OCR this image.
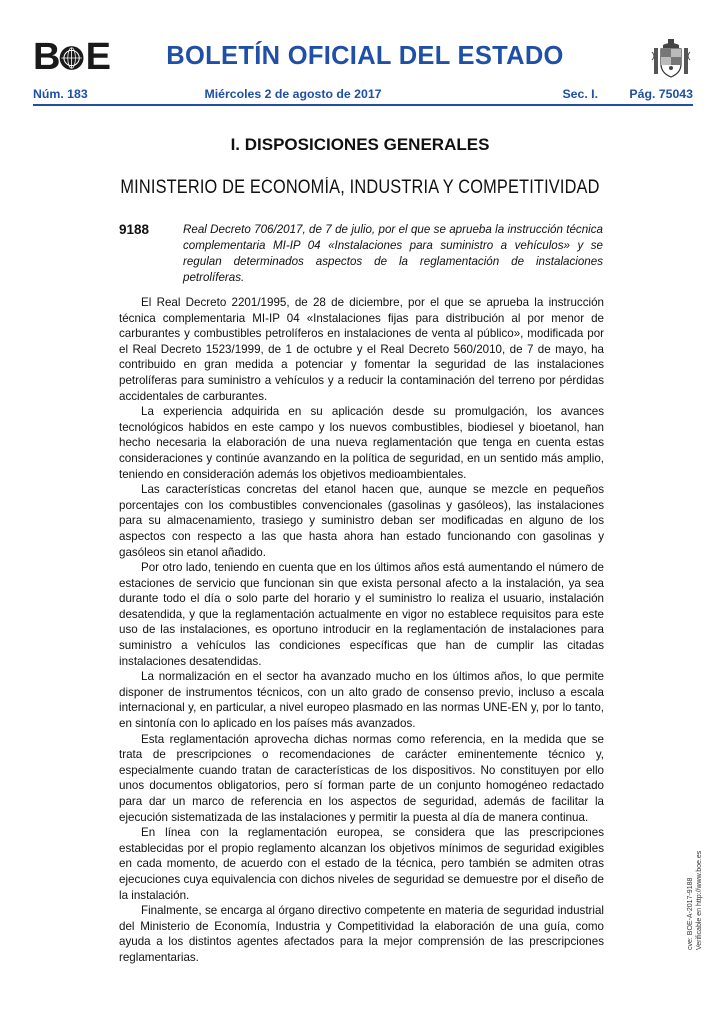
B E	BOLETÍN OFICIAL DEL ESTADO
Núm. 183	Miércoles 2 de agosto de 2017	Sec. I.	Pág. 75043
I. DISPOSICIONES GENERALES
MINISTERIO DE ECONOMÍA, INDUSTRIA Y COMPETITIVIDAD
9188	Real Decreto 706/2017, de 7 de julio, por el que se aprueba la instrucción técnica complementaria MI-IP 04 «Instalaciones para suministro a vehículos» y se regulan determinados aspectos de la reglamentación de instalaciones petrolíferas.

El Real Decreto 2201/1995, de 28 de diciembre, por el que se aprueba la instrucción técnica complementaria MI-IP 04 «Instalaciones fijas para distribución al por menor de carburantes y combustibles petrolíferos en instalaciones de venta al público», modificada por el Real Decreto 1523/1999, de 1 de octubre y el Real Decreto 560/2010, de 7 de mayo, ha contribuido en gran medida a potenciar y fomentar la seguridad de las instalaciones petrolíferas para suministro a vehículos y a reducir la contaminación del terreno por pérdidas accidentales de carburantes.

La experiencia adquirida en su aplicación desde su promulgación, los avances tecnológicos habidos en este campo y los nuevos combustibles, biodiesel y bioetanol, han hecho necesaria la elaboración de una nueva reglamentación que tenga en cuenta estas consideraciones y continúe avanzando en la política de seguridad, en un sentido más amplio, teniendo en consideración además los objetivos medioambientales.

Las características concretas del etanol hacen que, aunque se mezcle en pequeños porcentajes con los combustibles convencionales (gasolinas y gasóleos), las instalaciones para su almacenamiento, trasiego y suministro deban ser modificadas en alguno de los aspectos con respecto a las que hasta ahora han estado funcionando con gasolinas y gasóleos sin etanol añadido.

Por otro lado, teniendo en cuenta que en los últimos años está aumentando el número de estaciones de servicio que funcionan sin que exista personal afecto a la instalación, ya sea durante todo el día o solo parte del horario y el suministro lo realiza el usuario, instalación desatendida, y que la reglamentación actualmente en vigor no establece requisitos para este uso de las instalaciones, es oportuno introducir en la reglamentación de instalaciones para suministro a vehículos las condiciones específicas que han de cumplir las citadas instalaciones desatendidas.

La normalización en el sector ha avanzado mucho en los últimos años, lo que permite disponer de instrumentos técnicos, con un alto grado de consenso previo, incluso a escala internacional y, en particular, a nivel europeo plasmado en las normas UNE-EN y, por lo tanto, en sintonía con lo aplicado en los países más avanzados.

Esta reglamentación aprovecha dichas normas como referencia, en la medida que se trata de prescripciones o recomendaciones de carácter eminentemente técnico y, especialmente cuando tratan de características de los dispositivos. No constituyen por ello unos documentos obligatorios, pero sí forman parte de un conjunto homogéneo redactado para dar un marco de referencia en los aspectos de seguridad, además de facilitar la ejecución sistematizada de las instalaciones y permitir la puesta al día de manera continua.

En línea con la reglamentación europea, se considera que las prescripciones establecidas por el propio reglamento alcanzan los objetivos mínimos de seguridad exigibles en cada momento, de acuerdo con el estado de la técnica, pero también se admiten otras ejecuciones cuya equivalencia con dichos niveles de seguridad se demuestre por el diseño de la instalación.

Finalmente, se encarga al órgano directivo competente en materia de seguridad industrial del Ministerio de Economía, Industria y Competitividad la elaboración de una guía, como ayuda a los distintos agentes afectados para la mejor comprensión de las prescripciones reglamentarias.

cve: BOE-A-2017-9188 Verificable en http://www.boe.es
